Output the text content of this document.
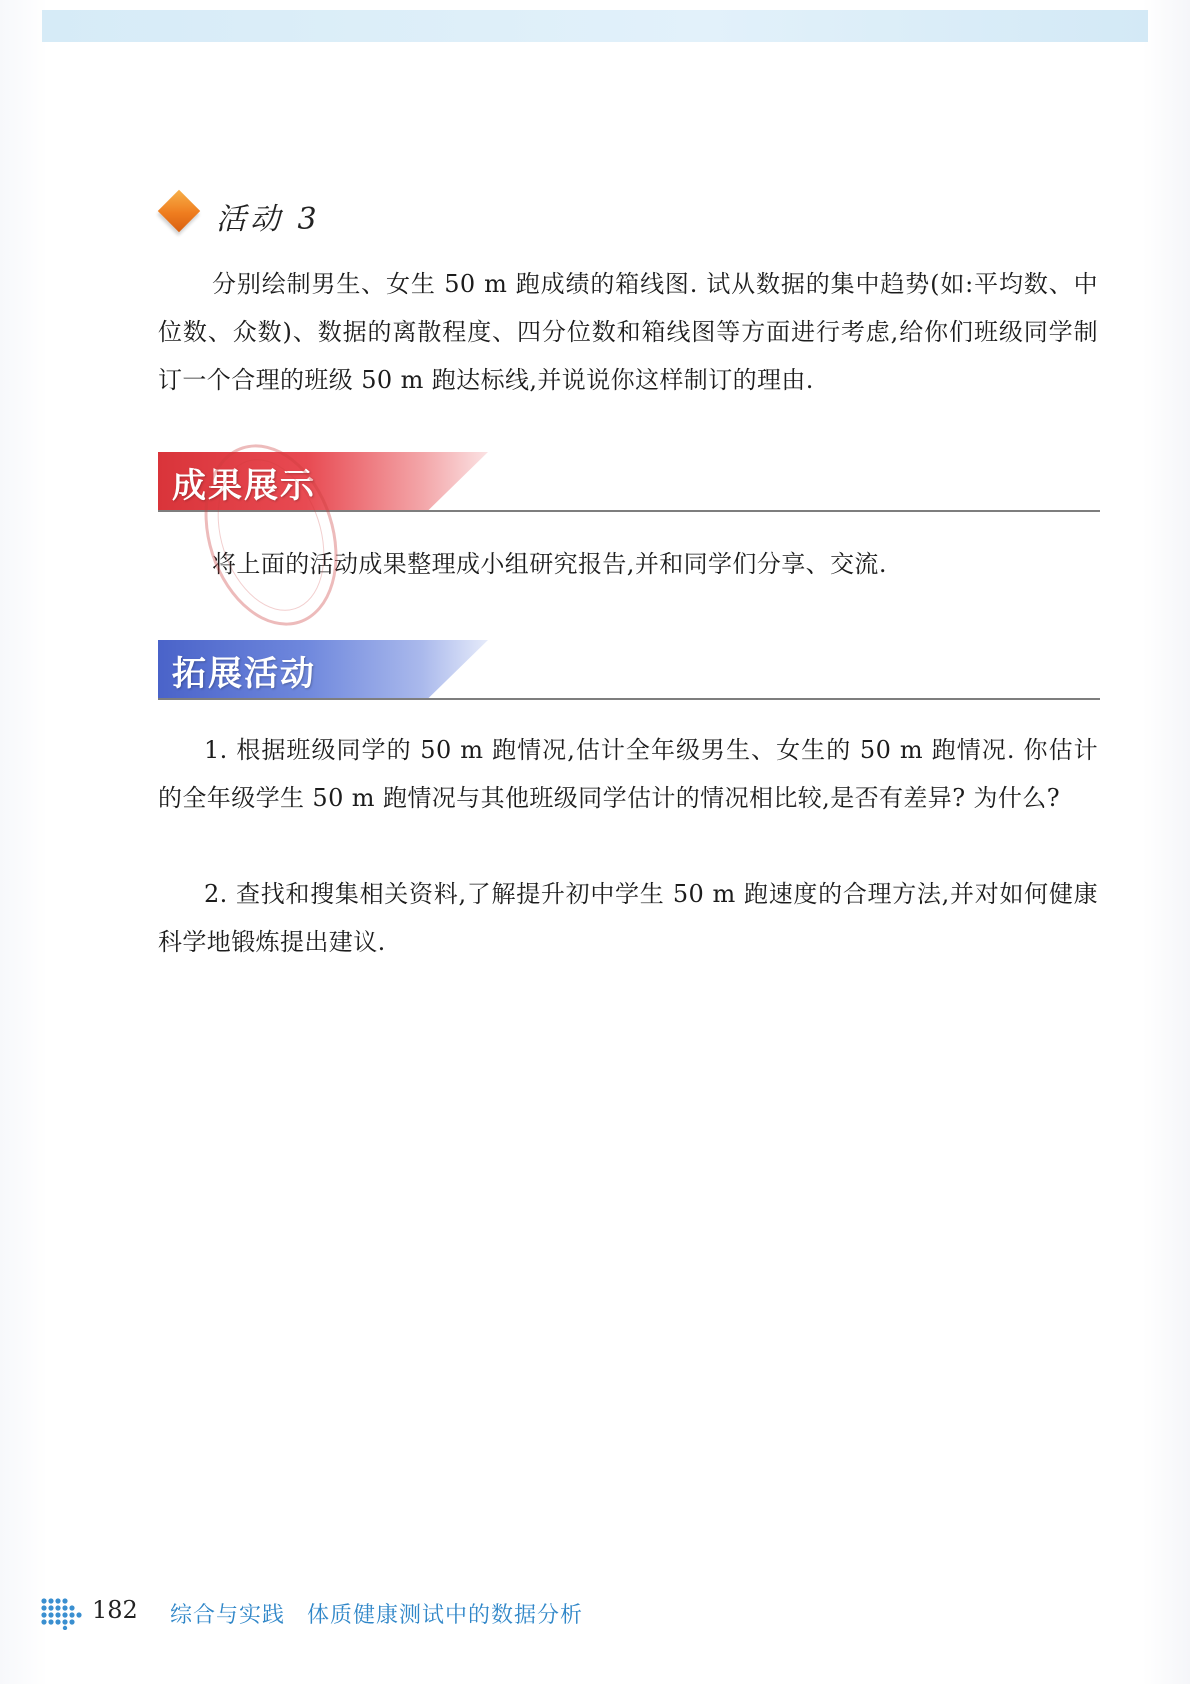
活动 3

分别绘制男生、女生 50 m 跑成绩的箱线图. 试从数据的集中趋势(如:平均数、中位数、众数)、数据的离散程度、四分位数和箱线图等方面进行考虑,给你们班级同学制订一个合理的班级 50 m 跑达标线,并说说你这样制订的理由.

成果展示

将上面的活动成果整理成小组研究报告,并和同学们分享、交流.

拓展活动

1. 根据班级同学的 50 m 跑情况,估计全年级男生、女生的 50 m 跑情况. 你估计的全年级学生 50 m 跑情况与其他班级同学估计的情况相比较,是否有差异? 为什么?

2. 查找和搜集相关资料,了解提升初中学生 50 m 跑速度的合理方法,并对如何健康科学地锻炼提出建议.

182 综合与实践 体质健康测试中的数据分析
